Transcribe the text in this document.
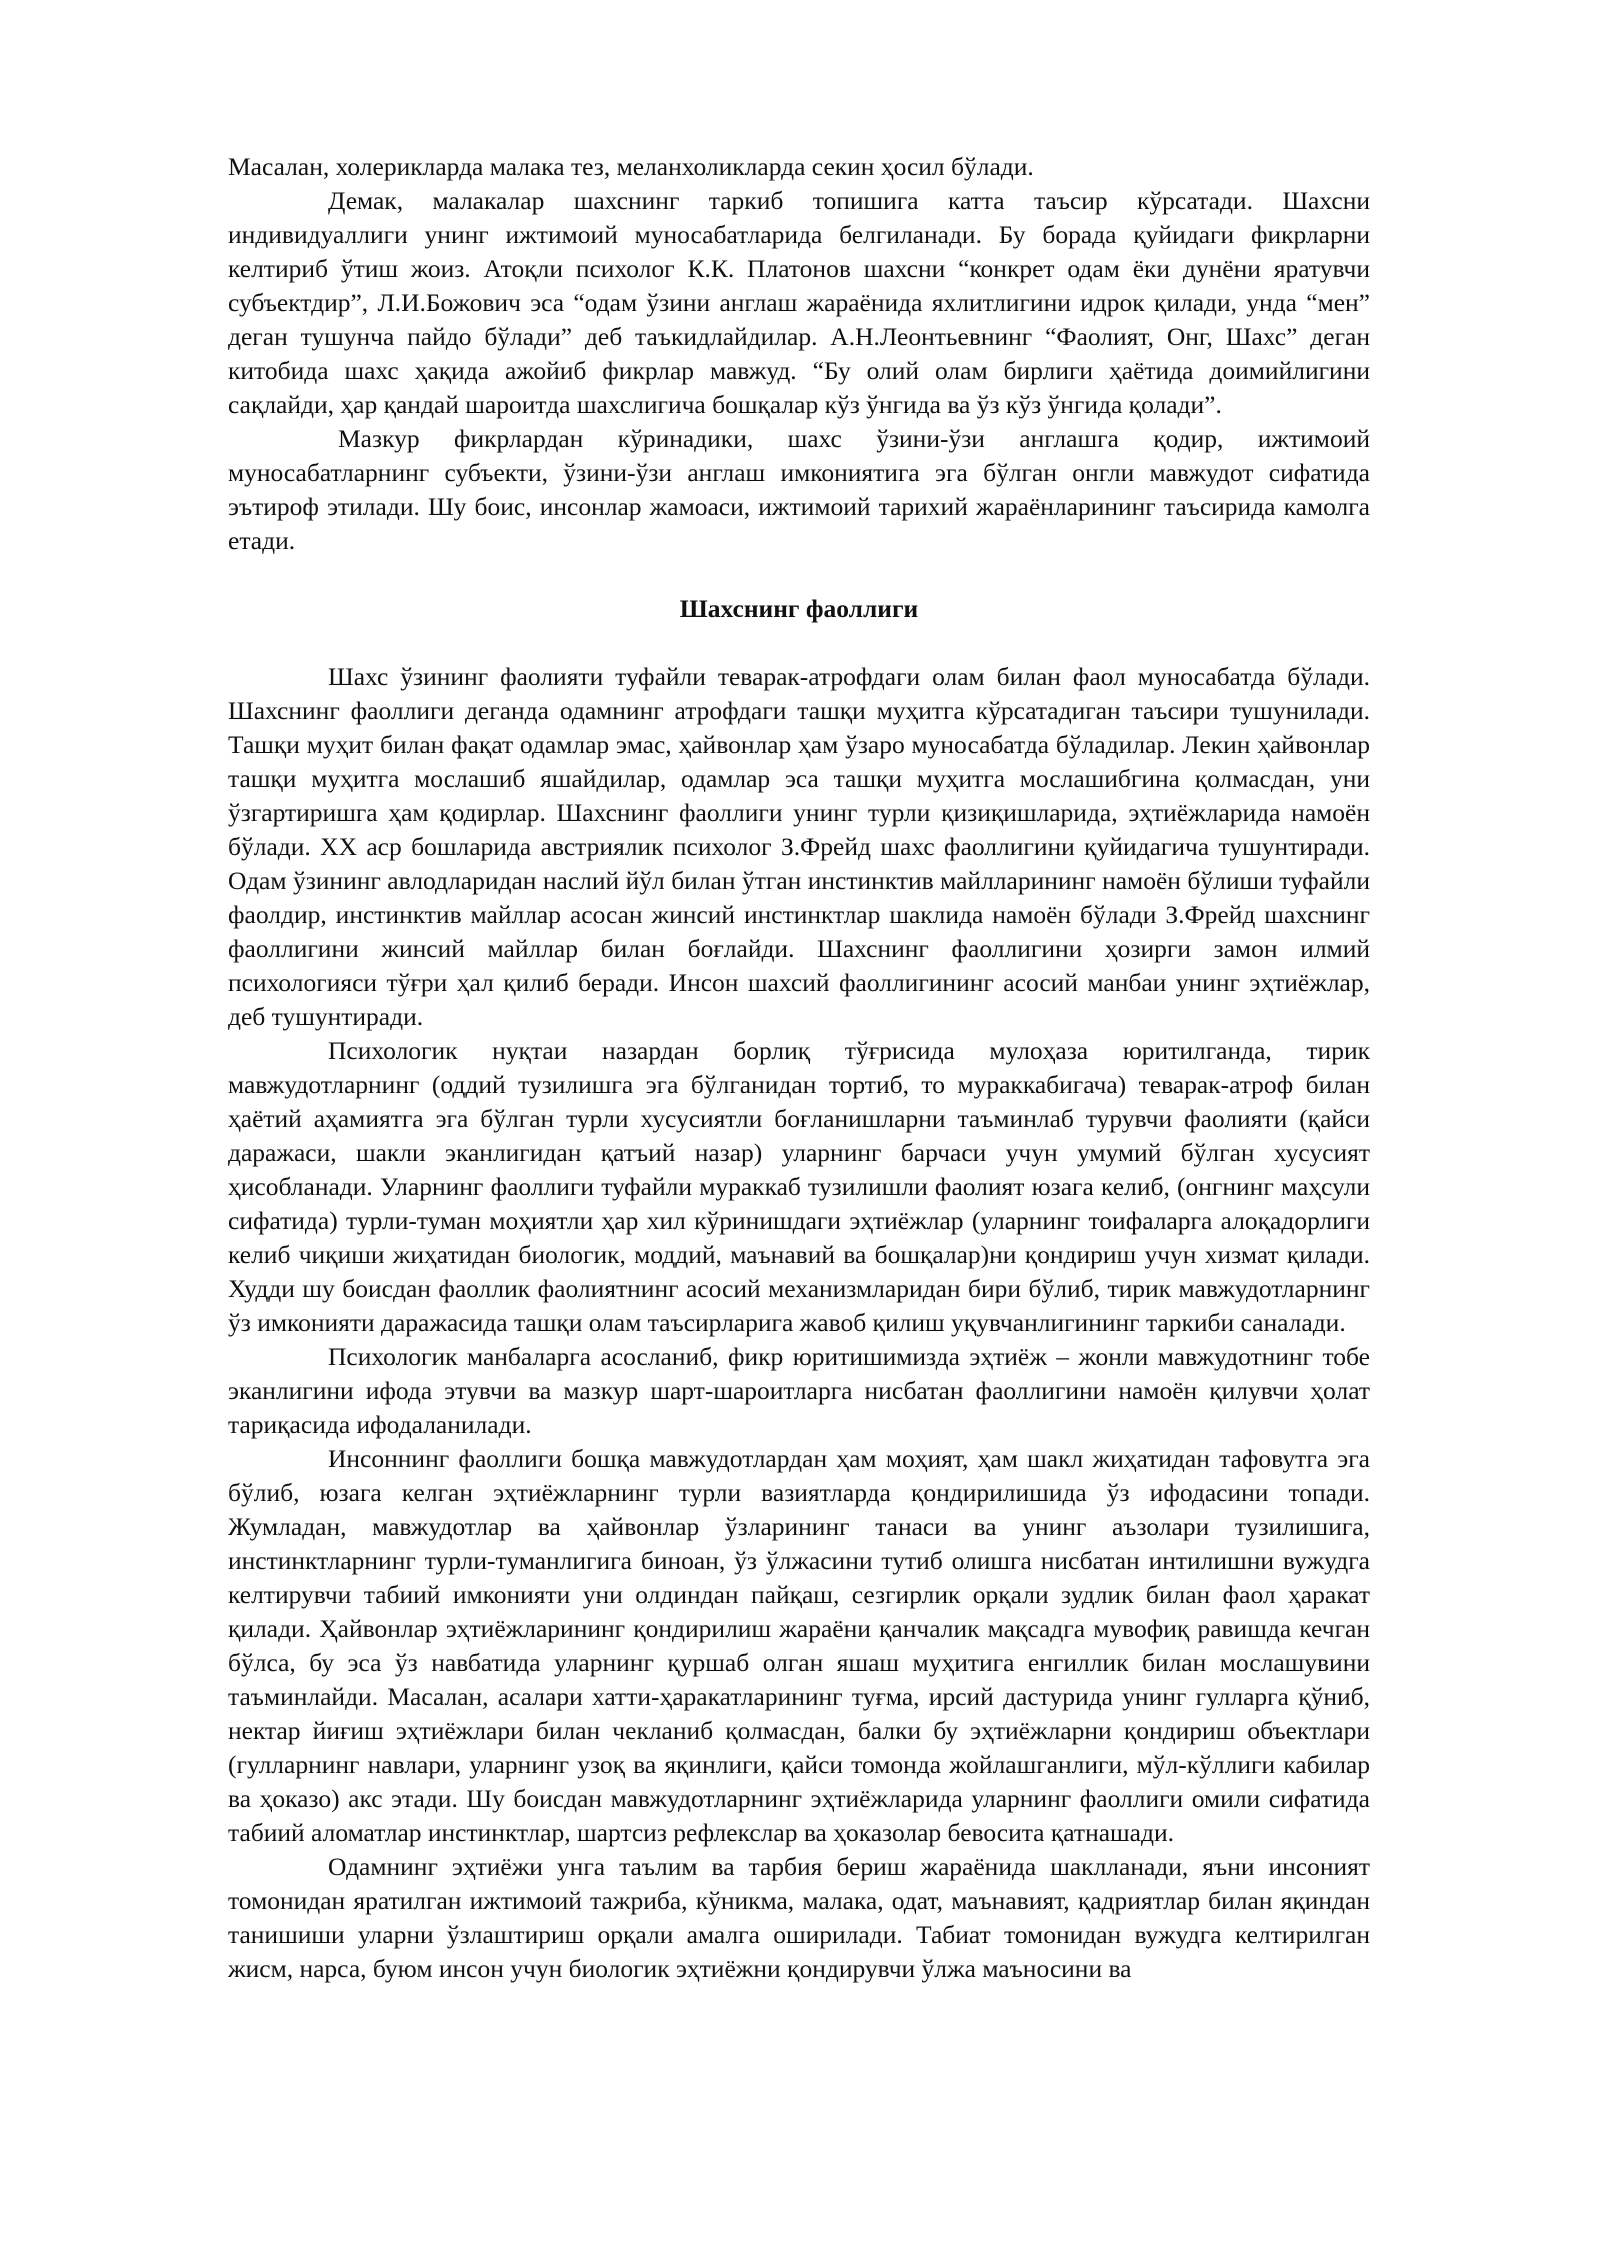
Масалан, холерикларда малака тез, меланхоликларда секин ҳосил бўлади.

Демак, малакалар шахснинг таркиб топишига катта таъсир кўрсатади. Шахсни индивидуаллиги унинг ижтимоий муносабатларида белгиланади. Бу борада қуйидаги фикрларни келтириб ўтиш жоиз. Атоқли психолог К.К. Платонов шахсни “конкрет одам ёки дунёни яратувчи субъектдир”, Л.И.Божович эса “одам ўзини англаш жараёнида яхлитлигини идрок қилади, унда “мен” деган тушунча пайдо бўлади” деб таъкидлайдилар. А.Н.Леонтьевнинг “Фаолият, Онг, Шахс” деган китобида шахс ҳақида ажойиб фикрлар мавжуд. “Бу олий олам бирлиги ҳаётида доимийлигини сақлайди, ҳар қандай шароитда шахслигича бошқалар кўз ўнгида ва ўз кўз ўнгида қолади”.

Мазкур фикрлардан кўринадики, шахс ўзини-ўзи англашга қодир, ижтимоий муносабатларнинг субъекти, ўзини-ўзи англаш имкониятига эга бўлган онгли мавжудот сифатида эътироф этилади. Шу боис, инсонлар жамоаси, ижтимоий тарихий жараёнларининг таъсирида камолга етади.

Шахснинг фаоллиги

Шахс ўзининг фаолияти туфайли теварак-атрофдаги олам билан фаол муносабатда бўлади. Шахснинг фаоллиги деганда одамнинг атрофдаги ташқи муҳитга кўрсатадиган таъсири тушунилади. Ташқи муҳит билан фақат одамлар эмас, ҳайвонлар ҳам ўзаро муносабатда бўладилар. Лекин ҳайвонлар ташқи муҳитга мослашиб яшайдилар, одамлар эса ташқи муҳитга мослашибгина қолмасдан, уни ўзгартиришга ҳам қодирлар. Шахснинг фаоллиги унинг турли қизиқишларида, эҳтиёжларида намоён бўлади. XX аср бошларида австриялик психолог З.Фрейд шахс фаоллигини қуйидагича тушунтиради. Одам ўзининг авлодларидан наслий йўл билан ўтган инстинктив майлларининг намоён бўлиши туфайли фаолдир, инстинктив майллар асосан жинсий инстинктлар шаклида намоён бўлади З.Фрейд шахснинг фаоллигини жинсий майллар билан боғлайди. Шахснинг фаоллигини ҳозирги замон илмий психологияси тўғри ҳал қилиб беради. Инсон шахсий фаоллигининг асосий манбаи унинг эҳтиёжлар, деб тушунтиради.

Психологик нуқтаи назардан борлиқ тўғрисида мулоҳаза юритилганда, тирик мавжудотларнинг (оддий тузилишга эга бўлганидан тортиб, то мураккабигача) теварак-атроф билан ҳаётий аҳамиятга эга бўлган турли хусусиятли боғланишларни таъминлаб турувчи фаолияти (қайси даражаси, шакли эканлигидан қатъий назар) уларнинг барчаси учун умумий бўлган хусусият ҳисобланади. Уларнинг фаоллиги туфайли мураккаб тузилишли фаолият юзага келиб, (онгнинг маҳсули сифатида) турли-туман моҳиятли ҳар хил кўринишдаги эҳтиёжлар (уларнинг тоифаларга алоқадорлиги келиб чиқиши жиҳатидан биологик, моддий, маънавий ва бошқалар)ни қондириш учун хизмат қилади. Худди шу боисдан фаоллик фаолиятнинг асосий механизмларидан бири бўлиб, тирик мавжудотларнинг ўз имконияти даражасида ташқи олам таъсирларига жавоб қилиш уқувчанлигининг таркиби саналади.

Психологик манбаларга асосланиб, фикр юритишимизда эҳтиёж – жонли мавжудотнинг тобе эканлигини ифода этувчи ва мазкур шарт-шароитларга нисбатан фаоллигини намоён қилувчи ҳолат тариқасида ифодаланилади.

Инсоннинг фаоллиги бошқа мавжудотлардан ҳам моҳият, ҳам шакл жиҳатидан тафовутга эга бўлиб, юзага келган эҳтиёжларнинг турли вазиятларда қондирилишида ўз ифодасини топади. Жумладан, мавжудотлар ва ҳайвонлар ўзларининг танаси ва унинг аъзолари тузилишига, инстинктларнинг турли-туманлигига биноан, ўз ўлжасини тутиб олишга нисбатан интилишни вужудга келтирувчи табиий имконияти уни олдиндан пайқаш, сезгирлик орқали зудлик билан фаол ҳаракат қилади. Ҳайвонлар эҳтиёжларининг қондирилиш жараёни қанчалик мақсадга мувофиқ равишда кечган бўлса, бу эса ўз навбатида уларнинг қуршаб олган яшаш муҳитига енгиллик билан мослашувини таъминлайди. Масалан, асалари хатти-ҳаракатларининг туғма, ирсий дастурида унинг гулларга қўниб, нектар йиғиш эҳтиёжлари билан чекланиб қолмасдан, балки бу эҳтиёжларни қондириш объектлари (гулларнинг навлари, уларнинг узоқ ва яқинлиги, қайси томонда жойлашганлиги, мўл-кўллиги кабилар ва ҳоказо) акс этади. Шу боисдан мавжудотларнинг эҳтиёжларида уларнинг фаоллиги омили сифатида табиий аломатлар инстинктлар, шартсиз рефлекслар ва ҳоказолар бевосита қатнашади.

Одамнинг эҳтиёжи унга таълим ва тарбия бериш жараёнида шаклланади, яъни инсоният томонидан яратилган ижтимоий тажриба, кўникма, малака, одат, маънавият, қадриятлар билан яқиндан танишиши уларни ўзлаштириш орқали амалга оширилади. Табиат томонидан вужудга келтирилган жисм, нарса, буюм инсон учун биологик эҳтиёжни қондирувчи ўлжа маъносини ва
